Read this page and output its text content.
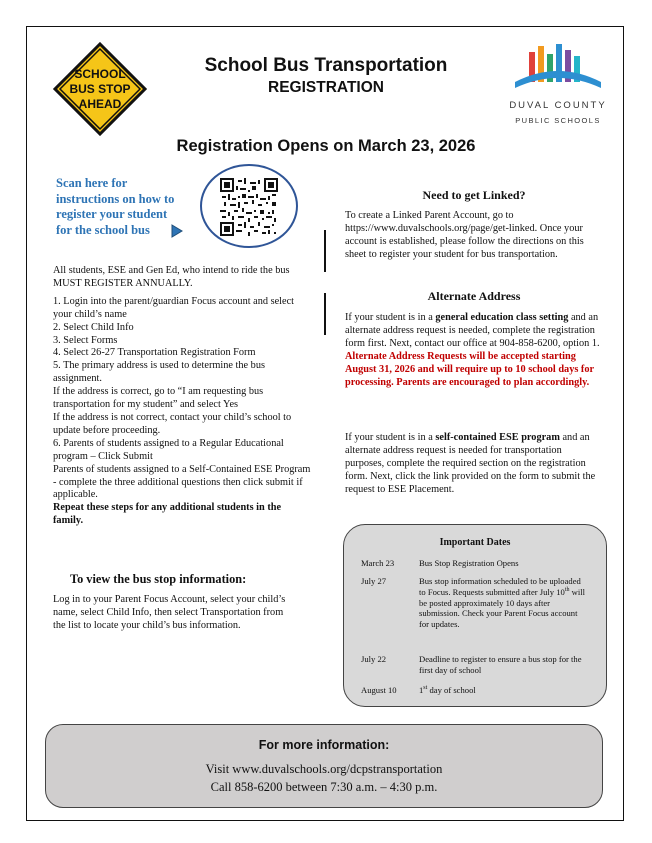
SCHOOL
BUS STOP
AHEAD
School Bus Transportation
REGISTRATION
DUVAL COUNTY
PUBLIC SCHOOLS
Registration Opens on March 23, 2026
Scan here for
instructions on how to
register your student
for the school bus

All students, ESE and Gen Ed, who intend to ride the bus MUST REGISTER ANNUALLY.

1. Login into the parent/guardian Focus account and select your child’s name

2. Select Child Info

3. Select Forms

4. Select 26-27 Transportation Registration Form

5. The primary address is used to determine the bus assignment.

If the address is correct, go to “I am requesting bus transportation for my student” and select Yes

If the address is not correct, contact your child’s school to update before proceeding.

6. Parents of students assigned to a Regular Educational program – Click Submit

Parents of students assigned to a Self-Contained ESE Program - complete the three additional questions then click submit if applicable.

Repeat these steps for any additional students in the family.

To view the bus stop information:
Log in to your Parent Focus Account, select your child’s name, select Child Info, then select Transportation from the list to locate your child’s bus information.
Need to get Linked?
To create a Linked Parent Account, go to https://www.duvalschools.org/page/get-linked. Once your account is established, please follow the directions on this sheet to register your student for bus transportation.
Alternate Address

If your student is in a general education class setting and an alternate address request is needed, complete the registration form first. Next, contact our office at 904-858-6200, option 1. Alternate Address Requests will be accepted starting August 31, 2026 and will require up to 10 school days for processing. Parents are encouraged to plan accordingly.

If your student is in a self-contained ESE program and an alternate address request is needed for transportation purposes, complete the required section on the registration form. Next, click the link provided on the form to submit the request to ESE Placement.

Important Dates
March 23	Bus Stop Registration Opens
July 27	Bus stop information scheduled to be uploaded to Focus. Requests submitted after July 10th will be posted approximately 10 days after submission. Check your Parent Focus account for updates.
July 22	Deadline to register to ensure a bus stop for the first day of school
August 10	1st day of school
For more information:
Visit www.duvalschools.org/dcpstransportation
Call 858-6200 between 7:30 a.m. – 4:30 p.m.
